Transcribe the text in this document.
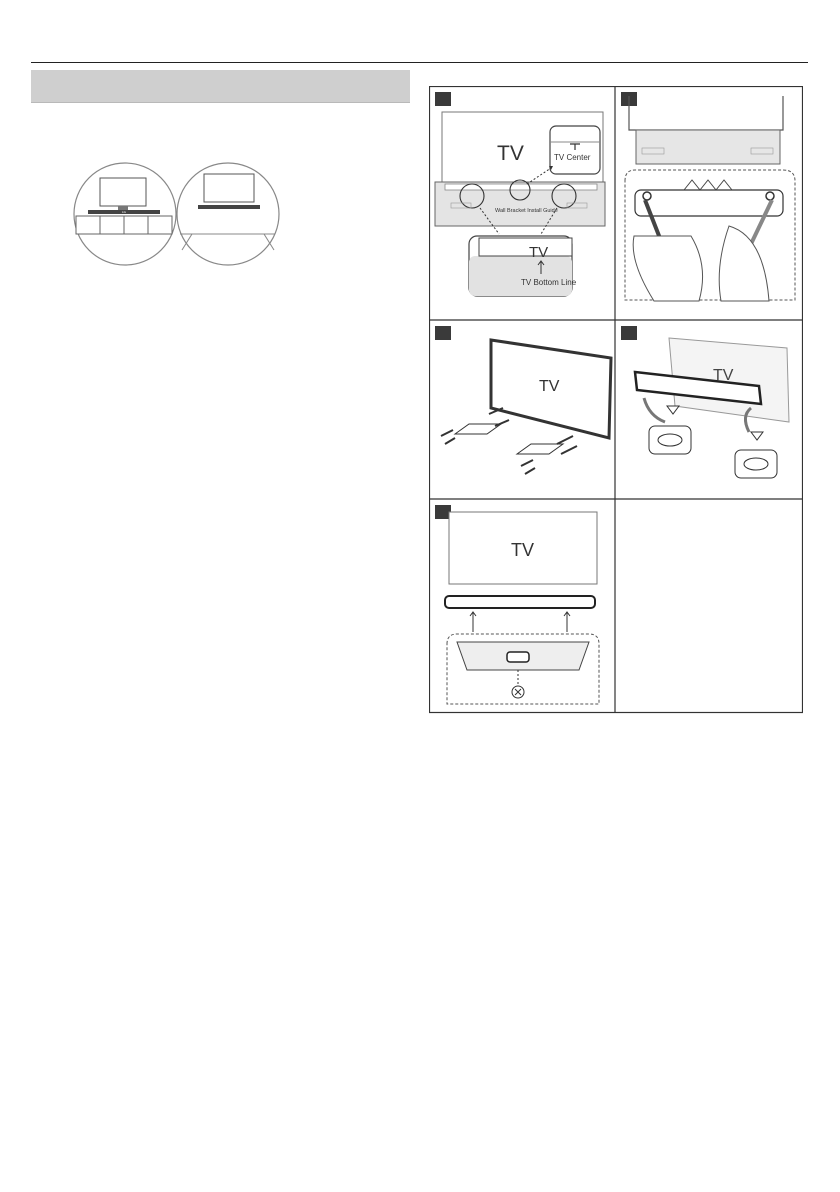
LG
TV	TV Center
Wall Bracket Install Guide
TV
TV Bottom Line
TV
TV
TV
